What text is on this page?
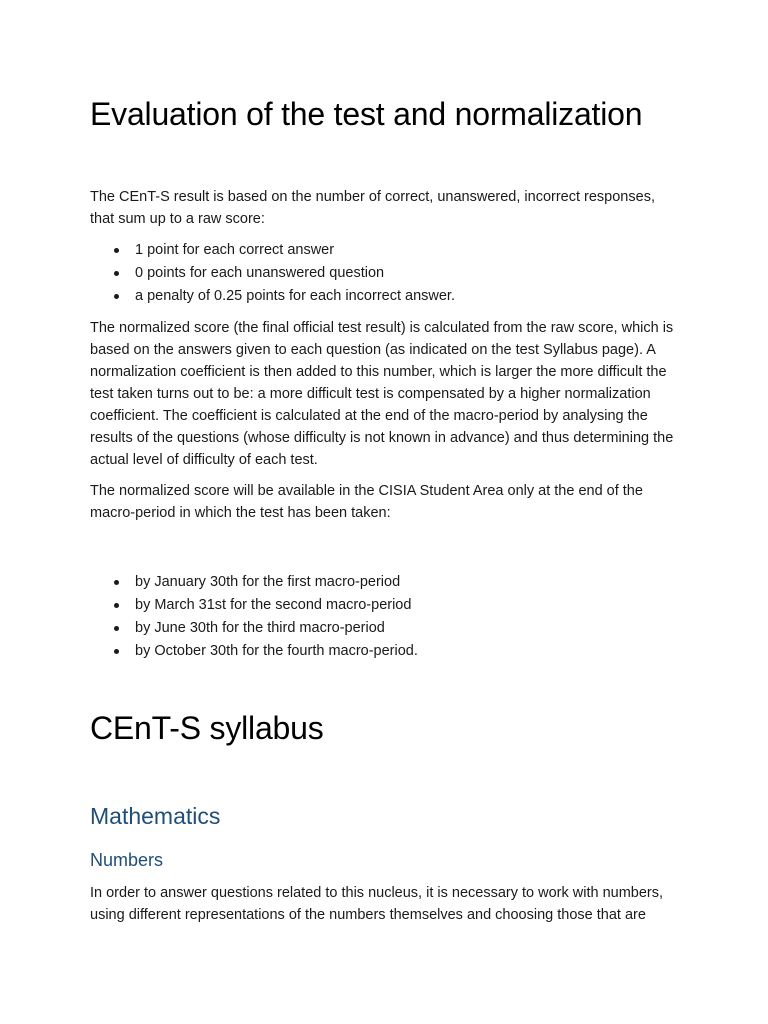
Evaluation of the test and normalization

The CEnT-S result is based on the number of correct, unanswered, incorrect responses, that sum up to a raw score:

1 point for each correct answer
0 points for each unanswered question
a penalty of 0.25 points for each incorrect answer.

The normalized score (the final official test result) is calculated from the raw score, which is based on the answers given to each question (as indicated on the test Syllabus page). A normalization coefficient is then added to this number, which is larger the more difficult the test taken turns out to be: a more difficult test is compensated by a higher normalization coefficient. The coefficient is calculated at the end of the macro-period by analysing the results of the questions (whose difficulty is not known in advance) and thus determining the actual level of difficulty of each test.

The normalized score will be available in the CISIA Student Area only at the end of the macro-period in which the test has been taken:

by January 30th for the first macro-period
by March 31st for the second macro-period
by June 30th for the third macro-period
by October 30th for the fourth macro-period.
CEnT-S syllabus
Mathematics
Numbers

In order to answer questions related to this nucleus, it is necessary to work with numbers, using different representations of the numbers themselves and choosing those that are
